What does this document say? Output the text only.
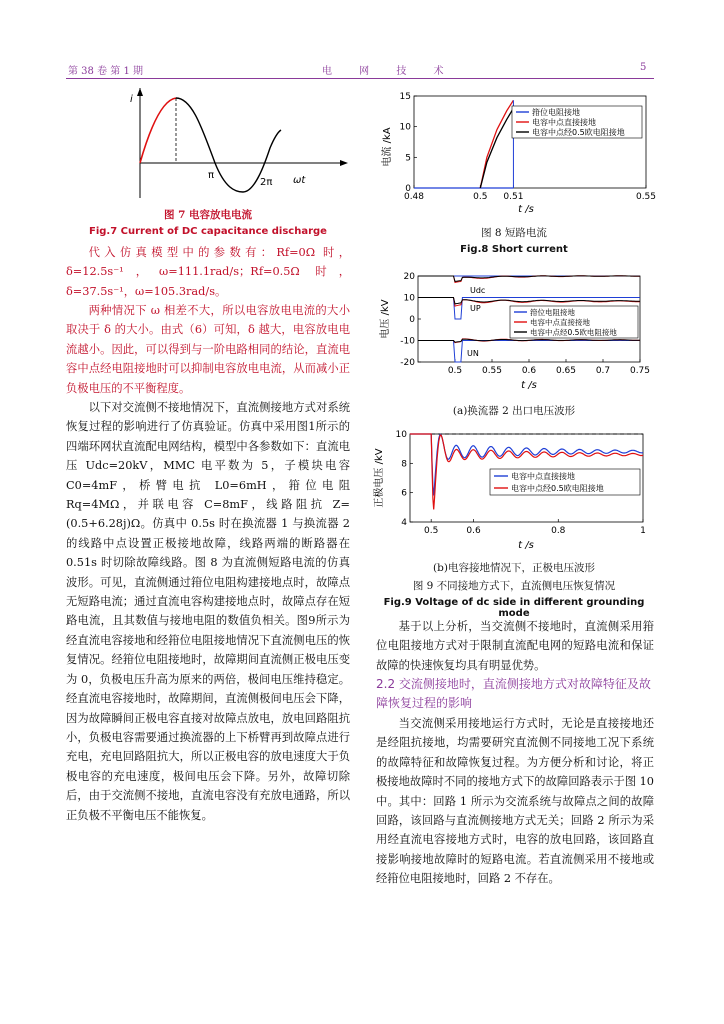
第 38 卷 第 1 期	电 网 技 术	5
i
π
2π ωt
图 7 电容放电电流
Fig.7 Current of DC capacitance discharge

代入仿真模型中的参数有：Rf=0Ω 时，δ=12.5s⁻¹，ω=111.1rad/s；Rf=0.5Ω 时，δ=37.5s⁻¹，ω=105.3rad/s。

两种情况下 ω 相差不大，所以电容放电电流的大小取决于 δ 的大小。由式（6）可知，δ 越大，电容放电电流越小。因此，可以得到与一阶电路相同的结论，直流电容中点经电阻接地时可以抑制电容放电电流，从而减小正负极电压的不平衡程度。

以下对交流侧不接地情况下，直流侧接地方式对系统恢复过程的影响进行了仿真验证。仿真中采用图1所示的四端环网状直流配电网结构，模型中各参数如下：直流电压 Udc=20kV，MMC 电平数为 5，子模块电容 C0=4mF，桥臂电抗 L0=6mH，箝位电阻 Rq=4MΩ，并联电容 C=8mF，线路阻抗 Z=(0.5+6.28j)Ω。仿真中 0.5s 时在换流器 1 与换流器 2 的线路中点设置正极接地故障，线路两端的断路器在 0.51s 时切除故障线路。图 8 为直流侧短路电流的仿真波形。可见，直流侧通过箝位电阻构建接地点时，故障点无短路电流；通过直流电容构建接地点时，故障点存在短路电流，且其数值与接地电阻的数值负相关。图9所示为经直流电容接地和经箝位电阻接地情况下直流侧电压的恢复情况。经箝位电阻接地时，故障期间直流侧正极电压变为 0，负极电压升高为原来的两倍，极间电压维持稳定。经直流电容接地时，故障期间，直流侧极间电压会下降，因为故障瞬间正极电容直接对故障点放电，放电回路阻抗小，负极电容需要通过换流器的上下桥臂再到故障点进行充电，充电回路阻抗大，所以正极电容的放电速度大于负极电容的充电速度，极间电压会下降。另外，故障切除后，由于交流侧不接地，直流电容没有充放电通路，所以正负极不平衡电压不能恢复。

0.48	0.5 0.51	0.55
0
5
10
15
电流 /kA
t /s
箝位电阻接地
电容中点直接接地
电容中点经0.5欧电阻接地
图 8 短路电流
Fig.8 Short current
0.5 0.55 0.6 0.65 0.7 0.75
-20
-10
0
10
20
电压 /kV
t /s
Udc
UP
UN
箝位电阻接地
电容中点直接接地
电容中点经0.5欧电阻接地
(a)换流器 2 出口电压波形
0.5	0.6	0.8	1
4
6
8
10
正极电压 /kV
t /s
电容中点直接接地
电容中点经0.5欧电阻接地
(b)电容接地情况下，正极电压波形
图 9 不同接地方式下，直流侧电压恢复情况
Fig.9 Voltage of dc side in different grounding mode

基于以上分析，当交流侧不接地时，直流侧采用箝位电阻接地方式对于限制直流配电网的短路电流和保证故障的快速恢复均具有明显优势。

2.2 交流侧接地时，直流侧接地方式对故障特征及故障恢复过程的影响

当交流侧采用接地运行方式时，无论是直接接地还是经阻抗接地，均需要研究直流侧不同接地工况下系统的故障特征和故障恢复过程。为方便分析和讨论，将正极接地故障时不同的接地方式下的故障回路表示于图 10 中。其中：回路 1 所示为交流系统与故障点之间的故障回路，该回路与直流侧接地方式无关；回路 2 所示为采用经直流电容接地方式时，电容的放电回路，该回路直接影响接地故障时的短路电流。若直流侧采用不接地或经箝位电阻接地时，回路 2 不存在。
